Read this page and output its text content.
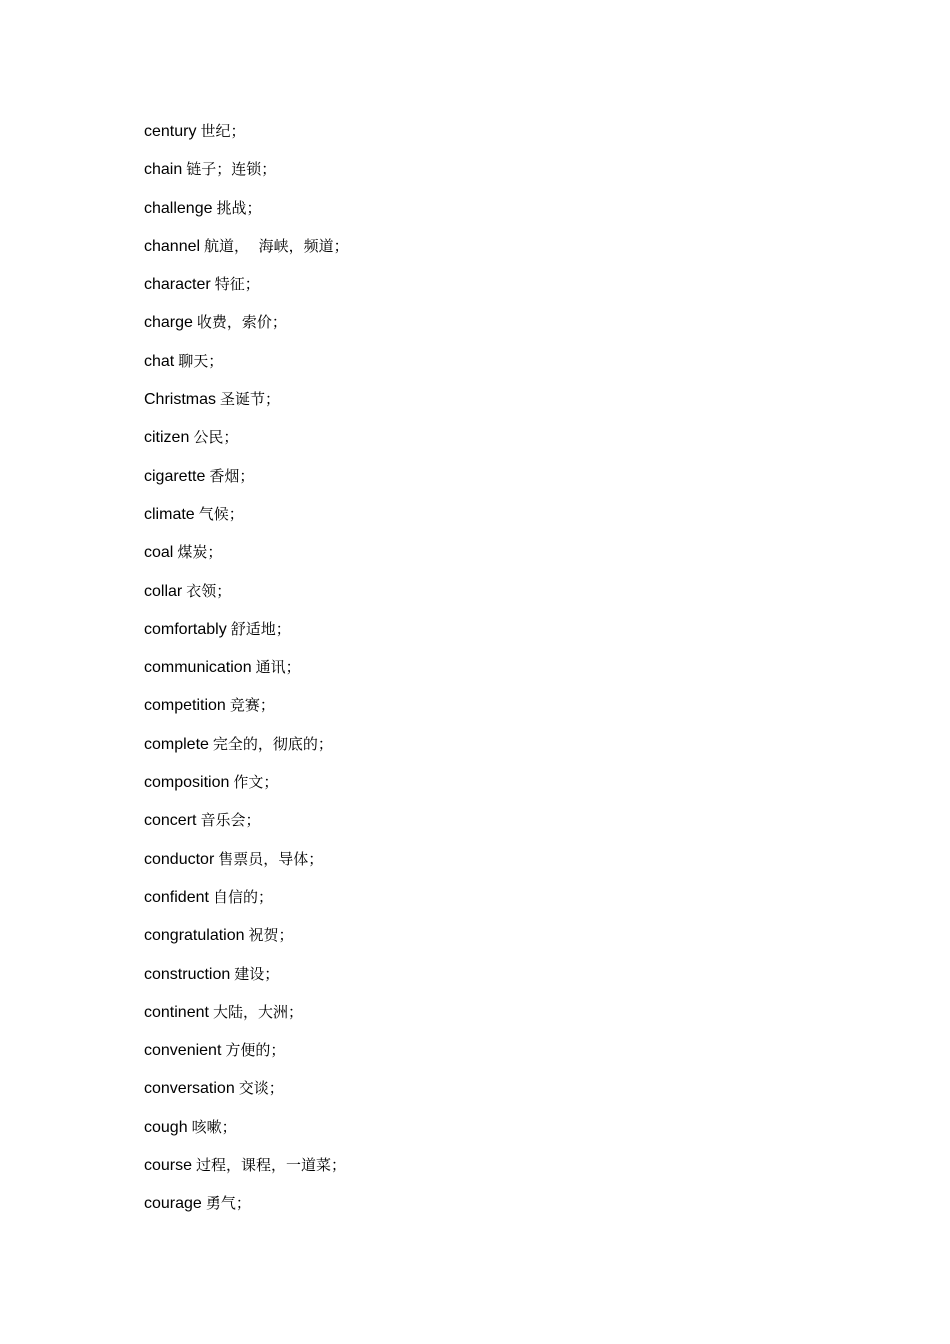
century 世纪；
chain 链子；连锁；
challenge 挑战；
channel 航道，  海峡，频道；
character 特征；
charge 收费，索价；
chat 聊天；
Christmas 圣诞节；
citizen 公民；
cigarette 香烟；
climate 气候；
coal 煤炭；
collar 衣领；
comfortably 舒适地；
communication 通讯；
competition 竞赛；
complete 完全的，彻底的；
composition 作文；
concert 音乐会；
conductor 售票员，导体；
confident 自信的；
congratulation 祝贺；
construction 建设；
continent 大陆，大洲；
convenient 方便的；
conversation 交谈；
cough 咳嗽；
course 过程，课程，一道菜；
courage 勇气；
